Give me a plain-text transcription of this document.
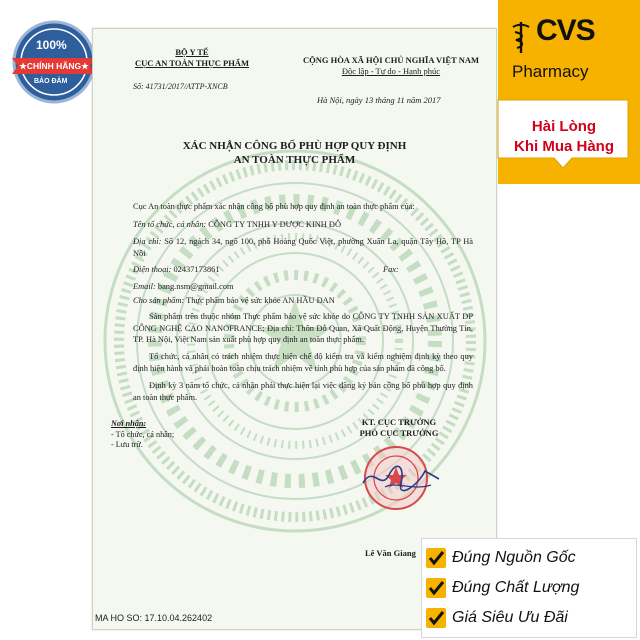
100%
★CHÍNH HÃNG★
BẢO ĐẢM
BỘ Y TẾ
CỤC AN TOÀN THỰC PHẨM
Số: 41731/2017/ATTP-XNCB
CỘNG HÒA XÃ HỘI CHỦ NGHĨA VIỆT NAM
Độc lập - Tự do - Hạnh phúc
Hà Nội, ngày 13 tháng 11 năm 2017
XÁC NHẬN CÔNG BỐ PHÙ HỢP QUY ĐỊNH
AN TOÀN THỰC PHẨM
Cục An toàn thực phẩm xác nhận công bố phù hợp quy định an toàn thực phẩm của:
Tên tổ chức, cá nhân: CÔNG TY TNHH Y DƯỢC KINH ĐÔ
Địa chỉ: Số 12, ngách 34, ngõ 100, phố Hoàng Quốc Việt, phường Xuân La, quận Tây Hồ, TP Hà Nội
Điện thoại: 02437173861	Fax:
Email: bang.nsm@gmail.com
Cho sản phẩm: Thực phẩm bảo vệ sức khỏe AN HẦU ĐAN
Sản phẩm trên thuộc nhóm Thực phẩm bảo vệ sức khỏe do CÔNG TY TNHH SẢN XUẤT DP CÔNG NGHỆ CAO NANOFRANCE; Địa chỉ: Thôn Đỗ Quan, Xã Quất Động, Huyện Thường Tín, TP. Hà Nội, Việt Nam sản xuất phù hợp quy định an toàn thực phẩm.
Tổ chức, cá nhân có trách nhiệm thực hiện chế độ kiểm tra và kiểm nghiệm định kỳ theo quy định hiện hành và phải hoàn toàn chịu trách nhiệm về tính phù hợp của sản phẩm đã công bố.
Định kỳ 3 năm tổ chức, cá nhân phải thực hiện lại việc đăng ký bản công bố phù hợp quy định an toàn thực phẩm.
Nơi nhận:
- Tổ chức, cá nhân;
- Lưu trữ.
KT. CỤC TRƯỞNG
PHÓ CỤC TRƯỞNG
Lê Văn Giang
MA HO SO: 17.10.04.262402
CVS
Pharmacy
Hài Lòng
Khi Mua Hàng
Đúng Nguồn Gốc
Đúng Chất Lượng
Giá Siêu Ưu Đãi
